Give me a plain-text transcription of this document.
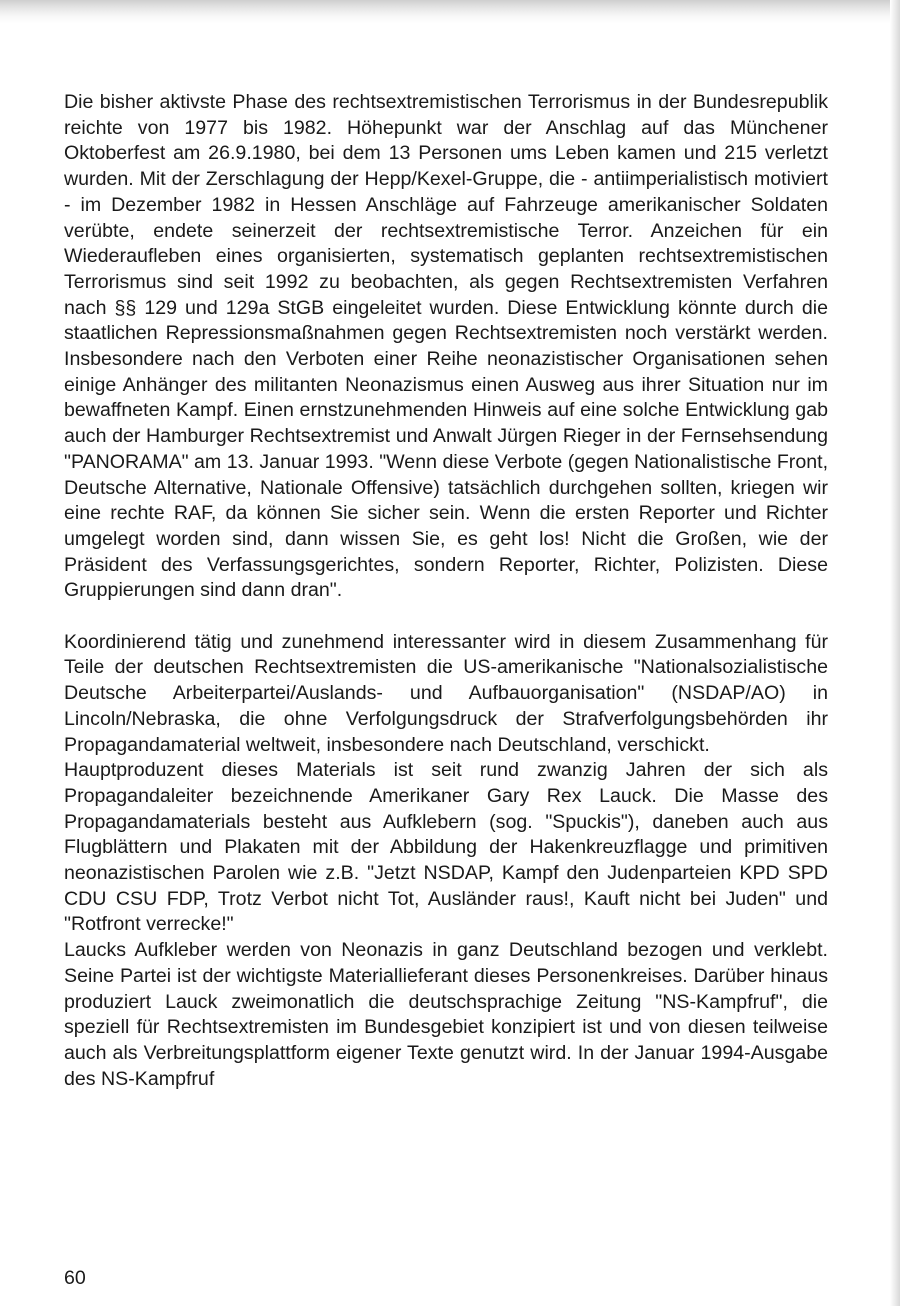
Die bisher aktivste Phase des rechtsextremistischen Terrorismus in der Bundesrepublik reichte von 1977 bis 1982. Höhepunkt war der Anschlag auf das Münchener Oktoberfest am 26.9.1980, bei dem 13 Personen ums Leben kamen und 215 verletzt wurden. Mit der Zerschlagung der Hepp/Kexel-Gruppe, die - antiimperialistisch motiviert - im Dezember 1982 in Hessen Anschläge auf Fahrzeuge amerikanischer Soldaten verübte, endete seinerzeit der rechtsextremistische Terror. Anzeichen für ein Wiederaufleben eines organisierten, systematisch geplanten rechtsextremistischen Terrorismus sind seit 1992 zu beobachten, als gegen Rechtsextremisten Verfahren nach §§ 129 und 129a StGB eingeleitet wurden. Diese Entwicklung könnte durch die staatlichen Repressionsmaßnahmen gegen Rechtsextremisten noch verstärkt werden. Insbesondere nach den Verboten einer Reihe neonazistischer Organisationen sehen einige Anhänger des militanten Neonazismus einen Ausweg aus ihrer Situation nur im bewaffneten Kampf. Einen ernstzunehmenden Hinweis auf eine solche Entwicklung gab auch der Hamburger Rechtsextremist und Anwalt Jürgen Rieger in der Fernsehsendung "PANORAMA" am 13. Januar 1993. "Wenn diese Verbote (gegen Nationalistische Front, Deutsche Alternative, Nationale Offensive) tatsächlich durchgehen sollten, kriegen wir eine rechte RAF, da können Sie sicher sein. Wenn die ersten Reporter und Richter umgelegt worden sind, dann wissen Sie, es geht los! Nicht die Großen, wie der Präsident des Verfassungsgerichtes, sondern Reporter, Richter, Polizisten. Diese Gruppierungen sind dann dran".

Koordinierend tätig und zunehmend interessanter wird in diesem Zusammenhang für Teile der deutschen Rechtsextremisten die US-amerikanische "Nationalsozialistische Deutsche Arbeiterpartei/Auslands- und Aufbauorganisation" (NSDAP/AO) in Lincoln/Nebraska, die ohne Verfolgungsdruck der Strafverfolgungsbehörden ihr Propagandamaterial weltweit, insbesondere nach Deutschland, verschickt.

Hauptproduzent dieses Materials ist seit rund zwanzig Jahren der sich als Propagandaleiter bezeichnende Amerikaner Gary Rex Lauck. Die Masse des Propagandamaterials besteht aus Aufklebern (sog. "Spuckis"), daneben auch aus Flugblättern und Plakaten mit der Abbildung der Hakenkreuzflagge und primitiven neonazistischen Parolen wie z.B. "Jetzt NSDAP, Kampf den Judenparteien KPD SPD CDU CSU FDP, Trotz Verbot nicht Tot, Ausländer raus!, Kauft nicht bei Juden" und "Rotfront verrecke!"

Laucks Aufkleber werden von Neonazis in ganz Deutschland bezogen und verklebt. Seine Partei ist der wichtigste Materiallieferant dieses Personenkreises. Darüber hinaus produziert Lauck zweimonatlich die deutschsprachige Zeitung "NS-Kampfruf", die speziell für Rechtsextremisten im Bundesgebiet konzipiert ist und von diesen teilweise auch als Verbreitungsplattform eigener Texte genutzt wird. In der Januar 1994-Ausgabe des NS-Kampfruf

60
